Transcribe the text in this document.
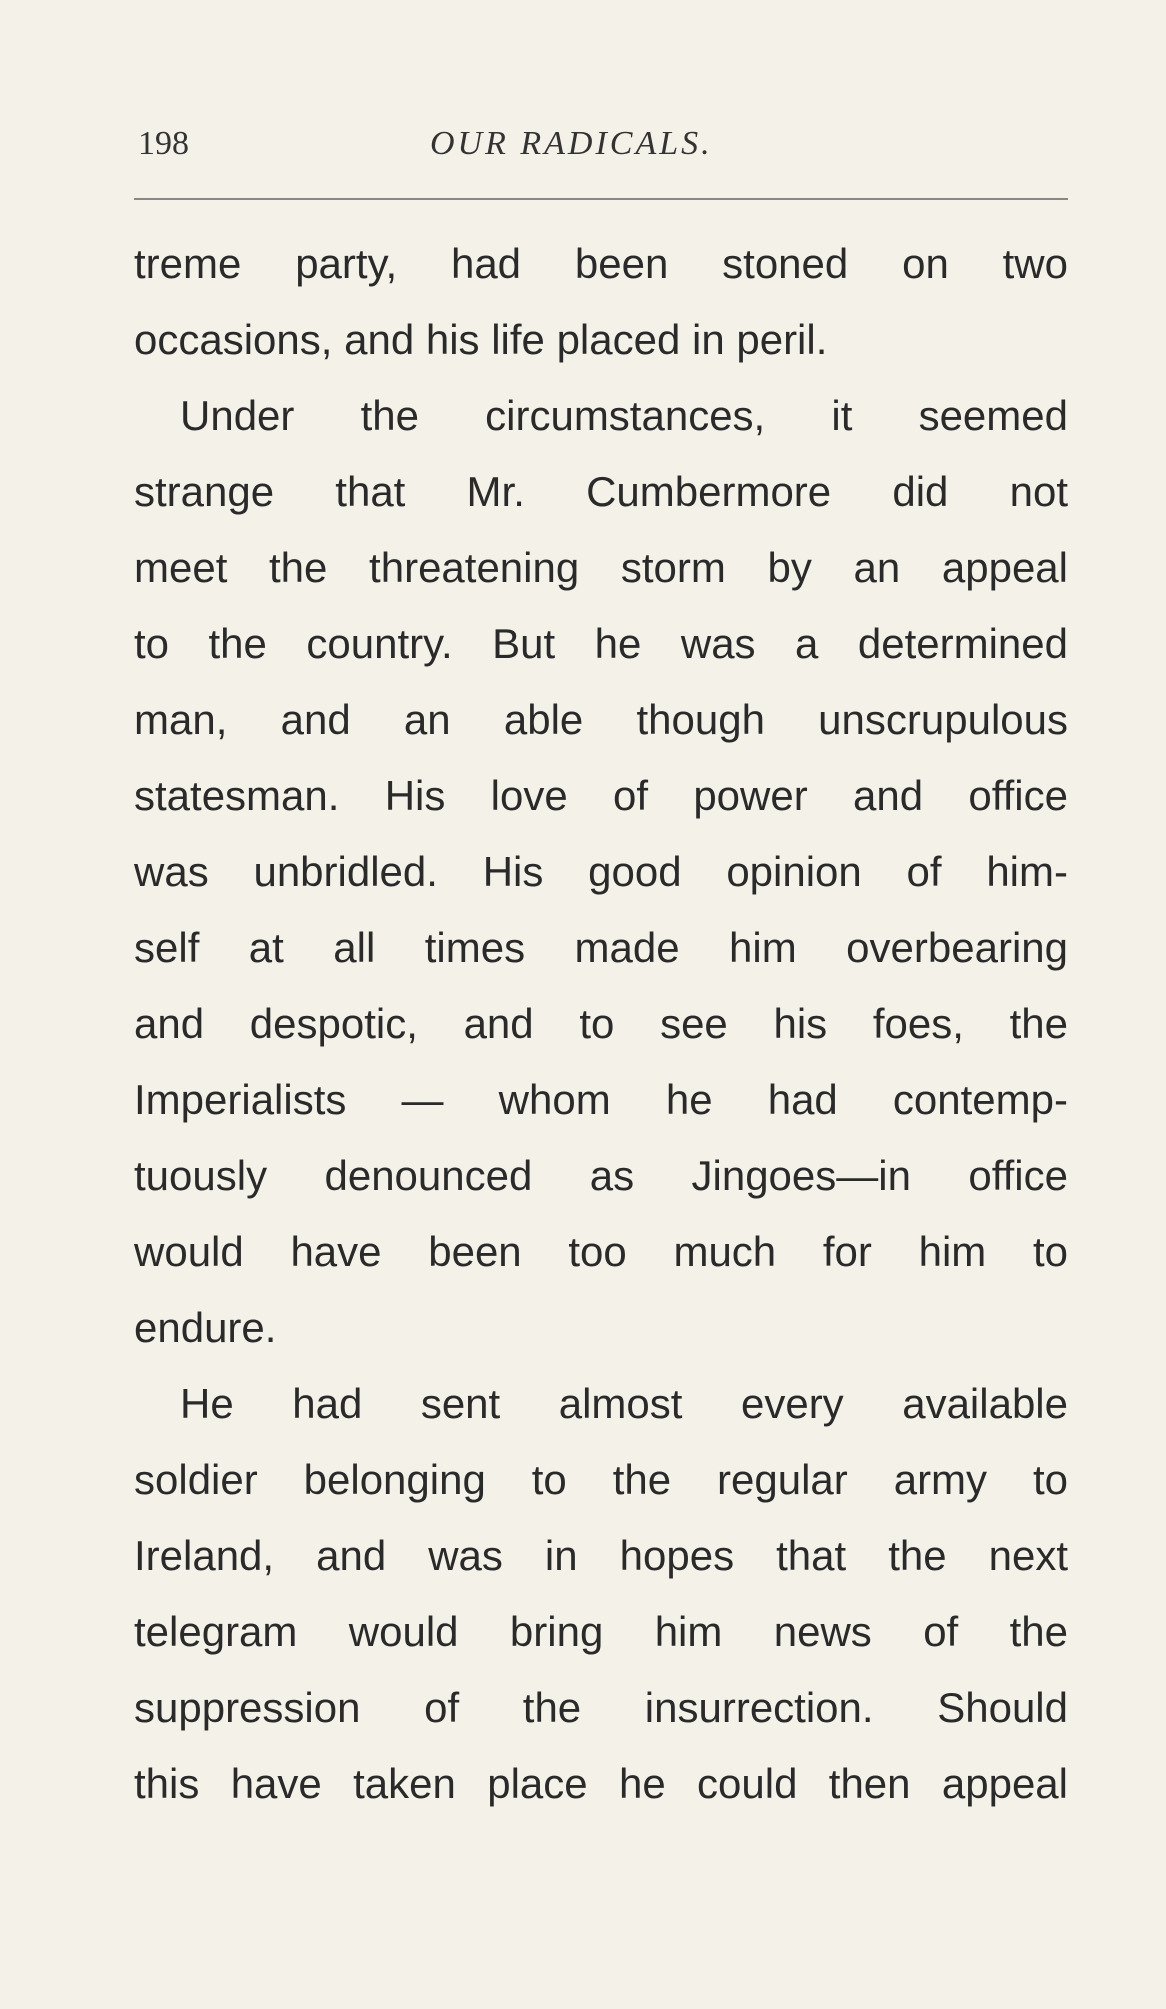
198	OUR RADICALS.
treme party, had been stoned on two
occasions, and his life placed in peril.
Under the circumstances, it seemed
strange that Mr. Cumbermore did not
meet the threatening storm by an appeal
to the country. But he was a determined
man, and an able though unscrupulous
statesman. His love of power and office
was unbridled. His good opinion of him-
self at all times made him overbearing
and despotic, and to see his foes, the
Imperialists — whom he had contemp-
tuously denounced as Jingoes—in office
would have been too much for him to
endure.
He had sent almost every available
soldier belonging to the regular army to
Ireland, and was in hopes that the next
telegram would bring him news of the
suppression of the insurrection. Should
this have taken place he could then appeal
